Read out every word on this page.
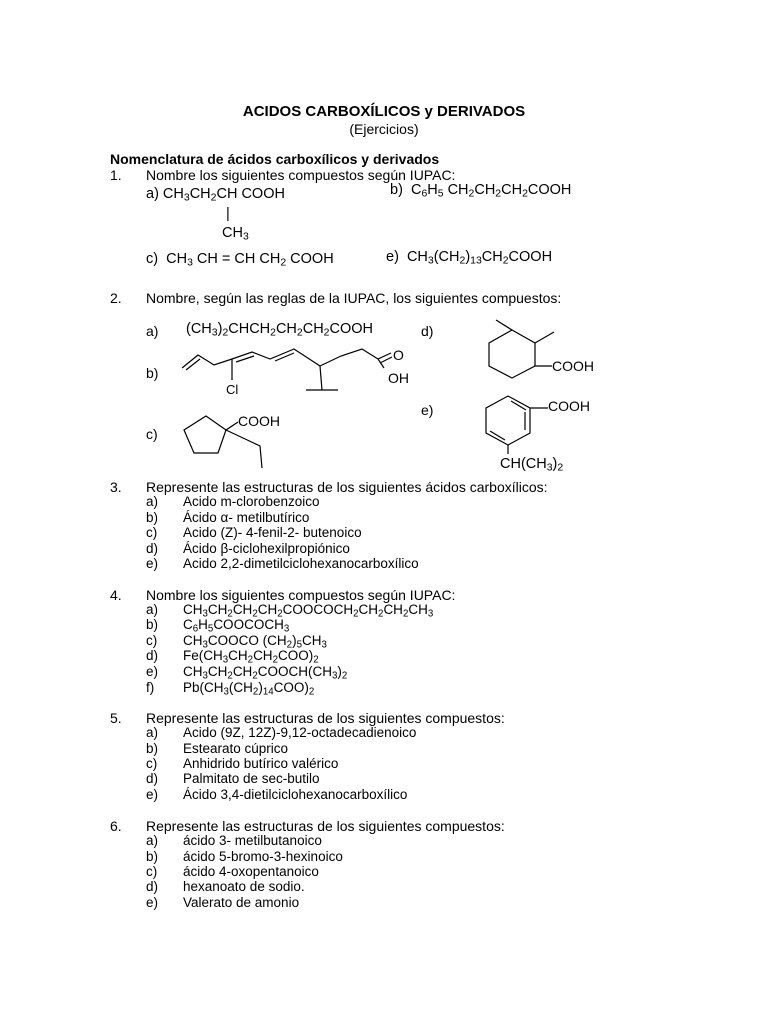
ACIDOS CARBOXÍLICOS y DERIVADOS
(Ejercicios)
Nomenclatura de ácidos carboxílicos y derivados
1. Nombre los siguientes compuestos según IUPAC:
a) $CH_3CH_2CH$ COOH
|
$CH_3$
b)  $C_6H_5$ $CH_2CH_2CH_2COOH$
c)  $CH_3$ CH = CH $CH_2$ COOH	e)  $CH_3(CH_2)_{13}CH_2COOH$
2. Nombre, según las reglas de la IUPAC, los siguientes compuestos:
a) $(CH_3)_2CHCH_2CH_2CH_2COOH$	d)
b)
e)
c)
Cl
O
OH
COOH
COOH
COOH
$CH(CH_3)_2$
3. Represente las estructuras de los siguientes ácidos carboxílicos:
a) Acido m-clorobenzoico
b) Ácido α- metilbutírico
c) Acido (Z)- 4-fenil-2- butenoico
d) Ácido β-ciclohexilpropiónico
e) Acido 2,2-dimetilciclohexanocarboxílico
4. Nombre los siguientes compuestos según IUPAC:
a) $CH_3CH_2CH_2CH_2COOCOCH_2CH_2CH_2CH_3$
b) $C_6H_5COOCOCH_3$
c) $CH_3COOCO$ $(CH_2)_5CH_3$
d) $Fe(CH_3CH_2CH_2COO)_2$
e) $CH_3CH_2CH_2COOCH(CH_3)_2$
f) $Pb(CH_3(CH_2)_{14}COO)_2$
5. Represente las estructuras de los siguientes compuestos:
a) Acido (9Z, 12Z)-9,12-octadecadienoico
b) Estearato cúprico
c) Anhidrido butírico valérico
d) Palmitato de sec-butilo
e) Ácido 3,4-dietilciclohexanocarboxílico
6. Represente las estructuras de los siguientes compuestos:
a) ácido 3- metilbutanoico
b) ácido 5-bromo-3-hexinoico
c) ácido 4-oxopentanoico
d) hexanoato de sodio.
e) Valerato de amonio
